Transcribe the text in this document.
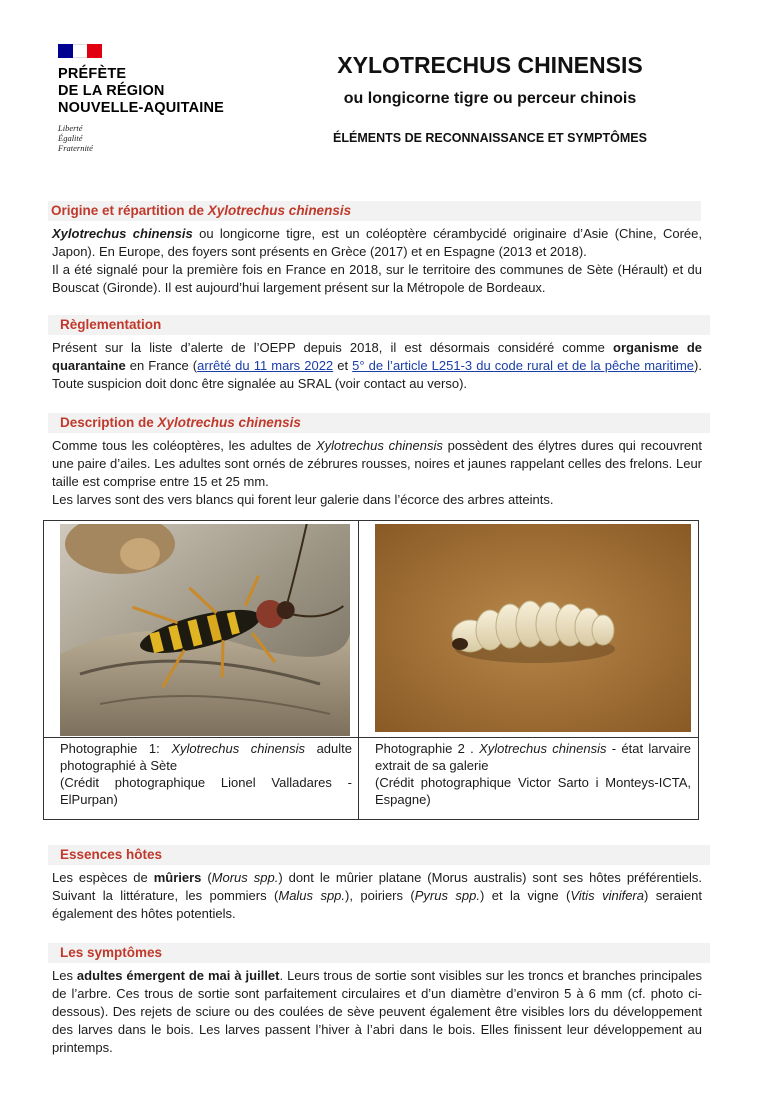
PRÉFÈTE
DE LA RÉGION
NOUVELLE-AQUITAINE
Liberté
Égalité
Fraternité
XYLOTRECHUS CHINENSIS
ou longicorne tigre ou perceur chinois
ÉLÉMENTS DE RECONNAISSANCE ET SYMPTÔMES
Origine et répartition de Xylotrechus chinensis

Xylotrechus chinensis ou longicorne tigre, est un coléoptère cérambycidé originaire d’Asie (Chine, Corée, Japon). En Europe, des foyers sont présents en Grèce (2017) et en Espagne (2013 et 2018).

Il a été signalé pour la première fois en France en 2018, sur le territoire des communes de Sète (Hérault) et du Bouscat (Gironde). Il est aujourd’hui largement présent sur la Métropole de Bordeaux.

Règlementation

Présent sur la liste d’alerte de l’OEPP depuis 2018, il est désormais considéré comme organisme de quarantaine en France (arrêté du 11 mars 2022 et 5° de l’article L251-3 du code rural et de la pêche maritime). Toute suspicion doit donc être signalée au SRAL (voir contact au verso).

Description de Xylotrechus chinensis

Comme tous les coléoptères, les adultes de Xylotrechus chinensis possèdent des élytres dures qui recouvrent une paire d’ailes. Les adultes sont ornés de zébrures rousses, noires et jaunes rappelant celles des frelons. Leur taille est comprise entre 15 et 25 mm.

Les larves sont des vers blancs qui forent leur galerie dans l’écorce des arbres atteints.

Photographie 1: Xylotrechus chinensis adulte photographié à Sète

(Crédit photographique Lionel Valladares - ElPurpan)

Photographie 2 . Xylotrechus chinensis - état larvaire extrait de sa galerie

(Crédit photographique Victor Sarto i Monteys-ICTA, Espagne)

Essences hôtes

Les espèces de mûriers (Morus spp.) dont le mûrier platane (Morus australis) sont ses hôtes préférentiels. Suivant la littérature, les pommiers (Malus spp.), poiriers (Pyrus spp.) et la vigne (Vitis vinifera) seraient également des hôtes potentiels.

Les symptômes

Les adultes émergent de mai à juillet. Leurs trous de sortie sont visibles sur les troncs et branches principales de l’arbre. Ces trous de sortie sont parfaitement circulaires et d’un diamètre d’environ 5 à 6 mm (cf. photo ci-dessous). Des rejets de sciure ou des coulées de sève peuvent également être visibles lors du développement des larves dans le bois. Les larves passent l’hiver à l’abri dans le bois. Elles finissent leur développement au printemps.
